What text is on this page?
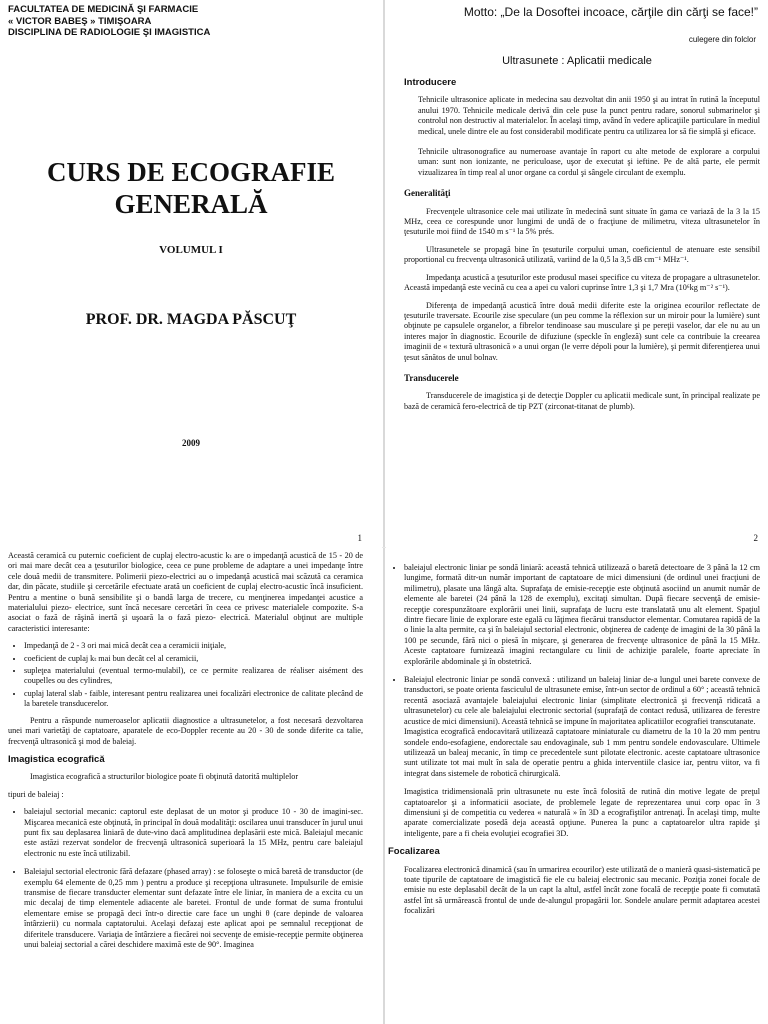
FACULTATEA DE MEDICINĂ ŞI FARMACIE
« VICTOR BABEŞ » TIMIŞOARA
DISCIPLINA DE RADIOLOGIE ŞI IMAGISTICA
CURS DE ECOGRAFIE
GENERALĂ
VOLUMUL I
PROF. DR. MAGDA PĂSCUŢ
2009
1
Motto: „De la Dosoftei incoace, cărţile din cărţi se face!”
culegere din folclor
Ultrasunete : Aplicatii medicale
Introducere

Tehnicile ultrasonice aplicate in medecina sau dezvoltat din anii 1950 şi au intrat în rutină la începutul anului 1970. Tehnicile medicale derivă din cele puse la punct pentru radare, sonorul submarinelor şi controlul non destructiv al materialelor. În acelaşi timp, având în vedere aplicaţiile particulare în mediul medical, unele dintre ele au fost considerabil modificate pentru ca utilizarea lor să fie simplă şi eficace.

Tehnicile ultrasonografice au numeroase avantaje în raport cu alte metode de explorare a corpului uman: sunt non ionizante, ne periculoase, uşor de executat şi ieftine. Pe de altă parte, ele permit vizualizarea în timp real al unor organe ca cordul şi sângele circulant de exemplu.

Generalităţi

Frecvenţele ultrasonice cele mai utilizate în medecină sunt situate în gama ce variază de la 3 la 15 MHz, ceea ce corespunde unor lungimi de undă de o fracţiune de milimetru, viteza ultrasunetelor în ţesuturile moi fiind de 1540 m s⁻¹ la 5% prés.

Ultrasunetele se propagă bine în ţesuturile corpului uman, coeficientul de atenuare este sensibil proportional cu frecvenţa ultrasonică utilizată, variind de la 0,5 la 3,5 dB cm⁻¹ MHz⁻¹.

Impedanţa acustică a ţesuturilor este produsul masei specifice cu viteza de propagare a ultrasunetelor. Această impedanţă este vecină cu cea a apei cu valori cuprinse între 1,3 şi 1,7 Mra (10⁶kg m⁻² s⁻¹).

Diferenţa de impedanţă acustică între două medii diferite este la originea ecourilor reflectate de ţesuturile traversate. Ecourile zise speculare (un peu comme la réflexion sur un miroir pour la lumière) sunt obţinute pe capsulele organelor, a fibrelor tendinoase sau musculare şi pe pereţii vaselor, dar ele nu au un interes major în diagnostic. Ecourile de difuziune (speckle în engleză) sunt cele ca contribuie la creearea imaginii de « textură ultrasonică » a unui organ (le verre dépoli pour la lumière), şi permit diferenţierea unui ţesut sănătos de unul bolnav.

Transducerele

Transducerele de imagistica şi de detecţie Doppler cu aplicatii medicale sunt, în principal realizate pe bază de ceramică fero-electrică de tip PZT (zirconat-titanat de plumb).

2

Această ceramică cu puternic coeficient de cuplaj electro-acustic kₜ are o impedanţă acustică de 15 - 20 de ori mai mare decât cea a ţesuturilor biologice, ceea ce pune probleme de adaptare a unei impedanţe între cele două medii de transmitere. Polimerii piezo-electrici au o impedanţă acustică mai scăzută ca ceramica dar, din păcate, studiile şi cercetările efectuate arată un coeficient de cuplaj electro-acustic încă insuficient. Pentru a mentine o bună sensibilite şi o bandă larga de trecere, cu menţinerea impedanţei acustice a materialului piezo- electrice, sunt încă necesare cercetări în ceea ce privesc materialele compozite. S-a asociat o fază de răşină inertă şi uşoară la o fază piezo- electrică. Materialul obţinut are multiple caracteristici interesante:

• Impedanţă de 2 - 3 ori mai mică decât cea a ceramicii iniţiale,
• coeficient de cuplaj kₜ mai bun decât cel al ceramicii,
• supleţea materialului (eventual termo-mulabil), ce ce permite realizarea de réaliser aisément des coupelles ou des cylindres,
• cuplaj lateral slab - faible, interesant pentru realizarea unei focalizări electronice de calitate plecând de la baretele transducerelor.

Pentru a răspunde numeroaselor aplicatii diagnostice a ultrasunetelor, a fost necesară dezvoltarea unei mari varietăţi de captatoare, aparatele de eco-Doppler recente au 20 - 30 de sonde diferite ca talie, frecvenţă ultrasonică şi mod de baleiaj.

Imagistica ecografică

Imagistica ecografică a structurilor biologice poate fi obţinută datorită multiplelor

tipuri de baleiaj :

• baleiajul sectorial mecanic: captorul este deplasat de un motor şi produce 10 - 30 de imagini-sec. Mişcarea mecanică este obţinută, în principal în două modalităţi: oscilarea unui transducer în jurul unui punt fix sau deplasarea liniară de dute-vino dacă amplitudinea deplasării este mică. Baleiajul mecanic este astăzi rezervat sondelor de frecvenţă ultrasonică superioară la 15 MHz, pentru care baleiajul electronic nu este încă utilizabil.
• Baleiajul sectorial electronic fără defazare (phased array) : se foloseşte o mică baretă de transductor (de exemplu 64 elemente de 0,25 mm ) pentru a produce şi recepţiona ultrasunete. Impulsurile de emisie transmise de fiecare transducter elementar sunt defazate între ele liniar, în maniera de a excita cu un mic decalaj de timp elementele adiacente ale baretei. Frontul de unde format de suma frontului elementare emise se propagă deci într-o directie care face un unghi θ (care depinde de valoarea întârzierii) cu normala captatorului. Acelaşi defazaj este aplicat apoi pe semnalul recepţionat de diferitele transducere. Variaţia de întârziere a fiecărei noi secvenţe de emisie-recepţie permite obţinerea unui baleiaj sectorial a cărei deschidere maximă este de 90°. Imaginea
• baleiajul electronic liniar pe sondă liniară: această tehnică utilizează o baretă detectoare de 3 până la 12 cm lungime, formată ditr-un număr important de captatoare de mici dimensiuni (de ordinul unei fracţiuni de milimetru), plasate una lângă alta. Suprafaţa de emisie-recepţie este obţinută asociind un anumit număr de elemente ale baretei (24 până la 128 de exemplu), excitaţi simultan. După fiecare secvenţă de emisie-recepţie corespunzătoare explorării unei linii, suprafaţa de lucru este translatată unu alt element. Spaţiul dintre fiecare linie de explorare este egală cu lăţimea fiecărui transductor elementar. Comutarea rapidă de la o linie la alta permite, ca şi în baleiajul sectorial electronic, obţinerea de cadenţe de imagini de la 30 până la 100 pe secunde, fără nici o piesă în mişcare, şi generarea de frecvenţe ultrasonice de până la 15 MHz. Aceste captatoare furnizează imagini rectangulare cu linii de achiziţie paralele, foarte apreciate în explorările abdominale şi în obstetrică.
• Baleiajul electronic liniar pe sondă convexă : utilizand un baleiaj liniar de-a lungul unei barete convexe de transductori, se poate orienta fasciculul de ultrasunete emise, într-un sector de ordinul a 60° ; această tehnică recentă asociază avantajele baleiajului electronic liniar (simplitate electronică şi frecvenţă ridicată a ultrasunetelor) cu cele ale baleiajului electronic sectorial (suprafaţă de contact redusă, utilizarea de ferestre acustice de mici dimensiuni). Această tehnică se impune în majoritatea aplicatiilor ecografiei transcutanate.
Imagistica ecografică endocavitară utilizează captatoare miniaturale cu diametru de la 10 la 20 mm pentru sondele endo-esofagiene, endorectale sau endovaginale, sub 1 mm pentru sondele endovasculare. Ultimele utilizează un baleaj mecanic, în timp ce precedentele sunt pilotate electronic. aceste captatoare ultrasonice sunt utilizate tot mai mult în sala de operatie pentru a ghida interventiile clasice iar, pentru viitor, va fi integrat dans sistemele de robotică chirurgicală.

Imagistica tridimensională prin ultrasunete nu este încă folosită de rutină din motive legate de preţul captatoarelor şi a informaticii asociate, de problemele legate de reprezentarea unui corp opac în 3 dimensiuni şi de competitia cu vederea « naturală » în 3D a ecografiştilor antrenaţi. În acelaşi timp, multe aparate comercializate posedă deja această opţiune. Punerea la punc a captatoarelor ultra rapide şi inteligente, pare a fi cheia evoluţiei ecografiei 3D.

Focalizarea

Focalizarea electronică dinamică (sau în urmarirea ecourilor) este utilizată de o manieră quasi-sistematică pe toate tipurile de captatoare de imagistică fie ele cu baleiaj electronic sau mecanic. Poziţia zonei focale de emisie nu este deplasabil decât de la un capt la altul, astfel încât zone focală de recepţie poate fi comutată astfel înt să urmărească frontul de unde de-alungul propagării lor. Sondele anulare permit adaptarea acestei focalizări
